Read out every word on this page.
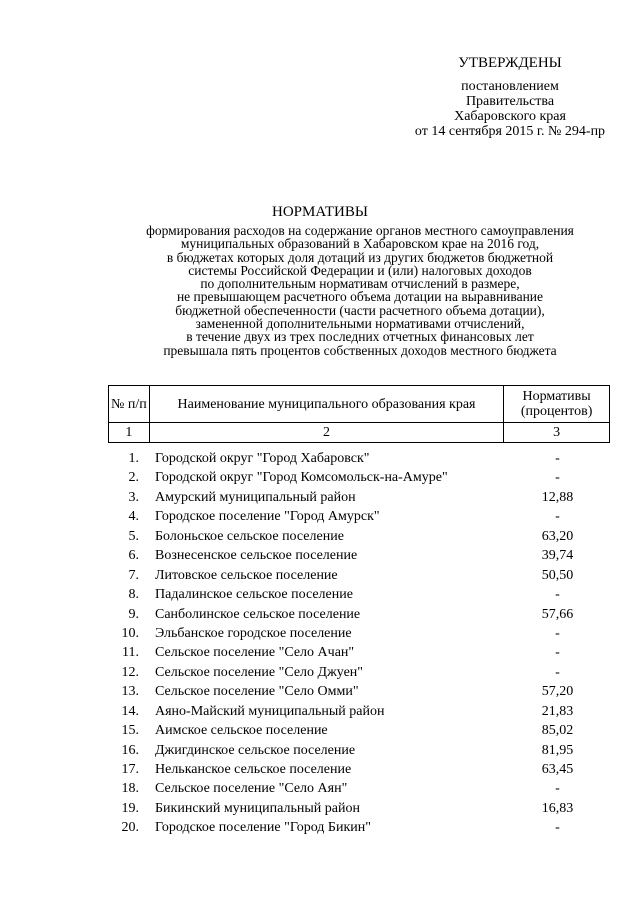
УТВЕРЖДЕНЫ
постановлением
Правительства
Хабаровского края
от 14 сентября 2015 г. № 294-пр
НОРМАТИВЫ
формирования расходов на содержание органов местного самоуправления
муниципальных образований в Хабаровском крае на 2016 год,
в бюджетах которых доля дотаций из других бюджетов бюджетной
системы Российской Федерации и (или) налоговых доходов
по дополнительным нормативам отчислений в размере,
не превышающем расчетного объема дотации на выравнивание
бюджетной обеспеченности (части расчетного объема дотации),
замененной дополнительными нормативами отчислений,
в течение двух из трех последних отчетных финансовых лет
превышала пять процентов собственных доходов местного бюджета
№ п/п	Наименование муниципального образования края	Нормативы (процентов)
1	2	3
1. Городской округ "Город Хабаровск"	-
2. Городской округ "Город Комсомольск-на-Амуре"	-
3. Амурский муниципальный район	12,88
4. Городское поселение "Город Амурск"	-
5. Болоньское сельское поселение	63,20
6. Вознесенское сельское поселение	39,74
7. Литовское сельское поселение	50,50
8. Падалинское сельское поселение	-
9. Санболинское сельское поселение	57,66
10. Эльбанское городское поселение	-
11. Сельское поселение "Село Ачан"	-
12. Сельское поселение "Село Джуен"	-
13. Сельское поселение "Село Омми"	57,20
14. Аяно-Майский муниципальный район	21,83
15. Аимское сельское поселение	85,02
16. Джигдинское сельское поселение	81,95
17. Нельканское сельское поселение	63,45
18. Сельское поселение "Село Аян"	-
19. Бикинский муниципальный район	16,83
20. Городское поселение "Город Бикин"	-
